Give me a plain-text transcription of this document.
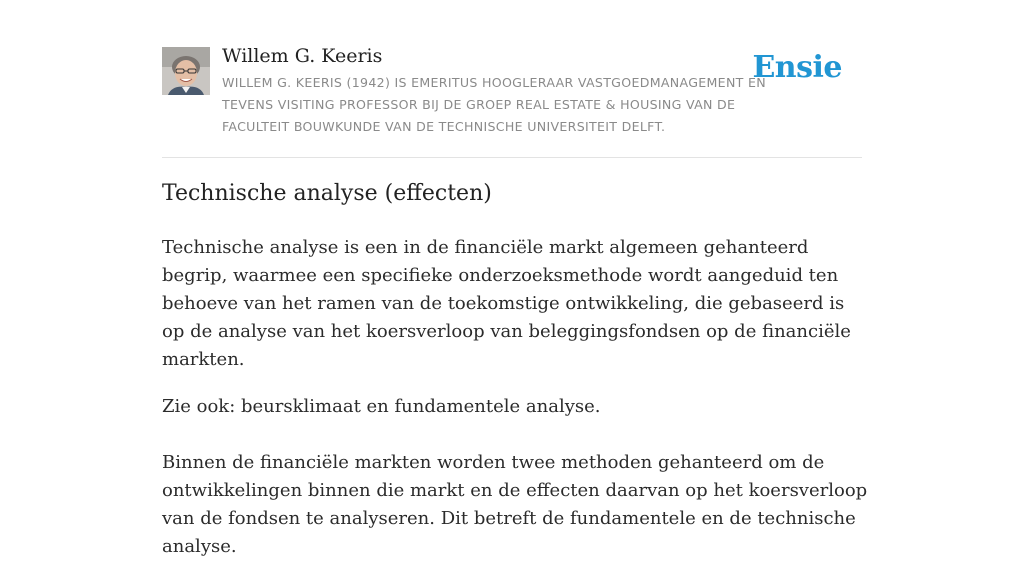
Willem G. Keeris
WILLEM G. KEERIS (1942) IS EMERITUS HOOGLERAAR VASTGOEDMANAGEMENT EN TEVENS VISITING PROFESSOR BIJ DE GROEP REAL ESTATE & HOUSING VAN DE FACULTEIT BOUWKUNDE VAN DE TECHNISCHE UNIVERSITEIT DELFT.
Ensie
Technische analyse (effecten)

Technische analyse is een in de financiële markt algemeen gehanteerd begrip, waarmee een specifieke onderzoeksmethode wordt aangeduid ten behoeve van het ramen van de toekomstige ontwikkeling, die gebaseerd is op de analyse van het koersverloop van beleggingsfondsen op de financiële markten.

Zie ook: beursklimaat en fundamentele analyse.

Binnen de financiële markten worden twee methoden gehanteerd om de ontwikkelingen binnen die markt en de effecten daarvan op het koersverloop van de fondsen te analyseren. Dit betreft de fundamentele en de technische analyse.
